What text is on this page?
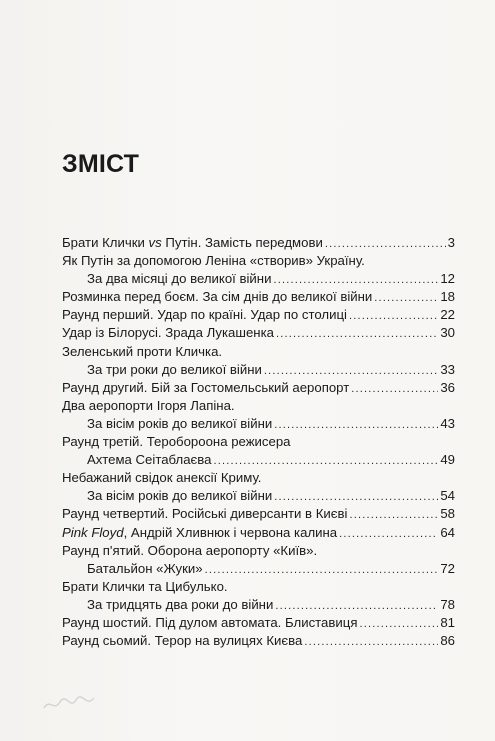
ЗМІСТ
Брати Клички vs Путін. Замість передмови .....	3
Як Путін за допомогою Леніна «створив» Україну.
За два місяці до великої війни .....	12
Розминка перед боєм. За сім днів до великої війни .....	18
Раунд перший. Удар по країні. Удар по столиці .....	22
Удар із Білорусі. Зрада Лукашенка .....	30
Зеленський проти Кличка.
За три роки до великої війни .....	33
Раунд другий. Бій за Гостомельський аеропорт .....	36
Два аеропорти Ігоря Лапіна.
За вісім років до великої війни .....	43
Раунд третій. Теробороона режисера
Ахтема Сеітаблаєва .....	49
Небажаний свідок анексії Криму.
За вісім років до великої війни .....	54
Раунд четвертий. Російські диверсанти в Києві .....	58
Pink Floyd, Андрій Хливнюк і червона калина .....	64
Раунд п'ятий. Оборона аеропорту «Київ».
Батальйон «Жуки» .....	72
Брати Клички та Цибулько.
За тридцять два роки до війни .....	78
Раунд шостий. Під дулом автомата. Блиставиця .....	81
Раунд сьомий. Терор на вулицях Києва .....	86
